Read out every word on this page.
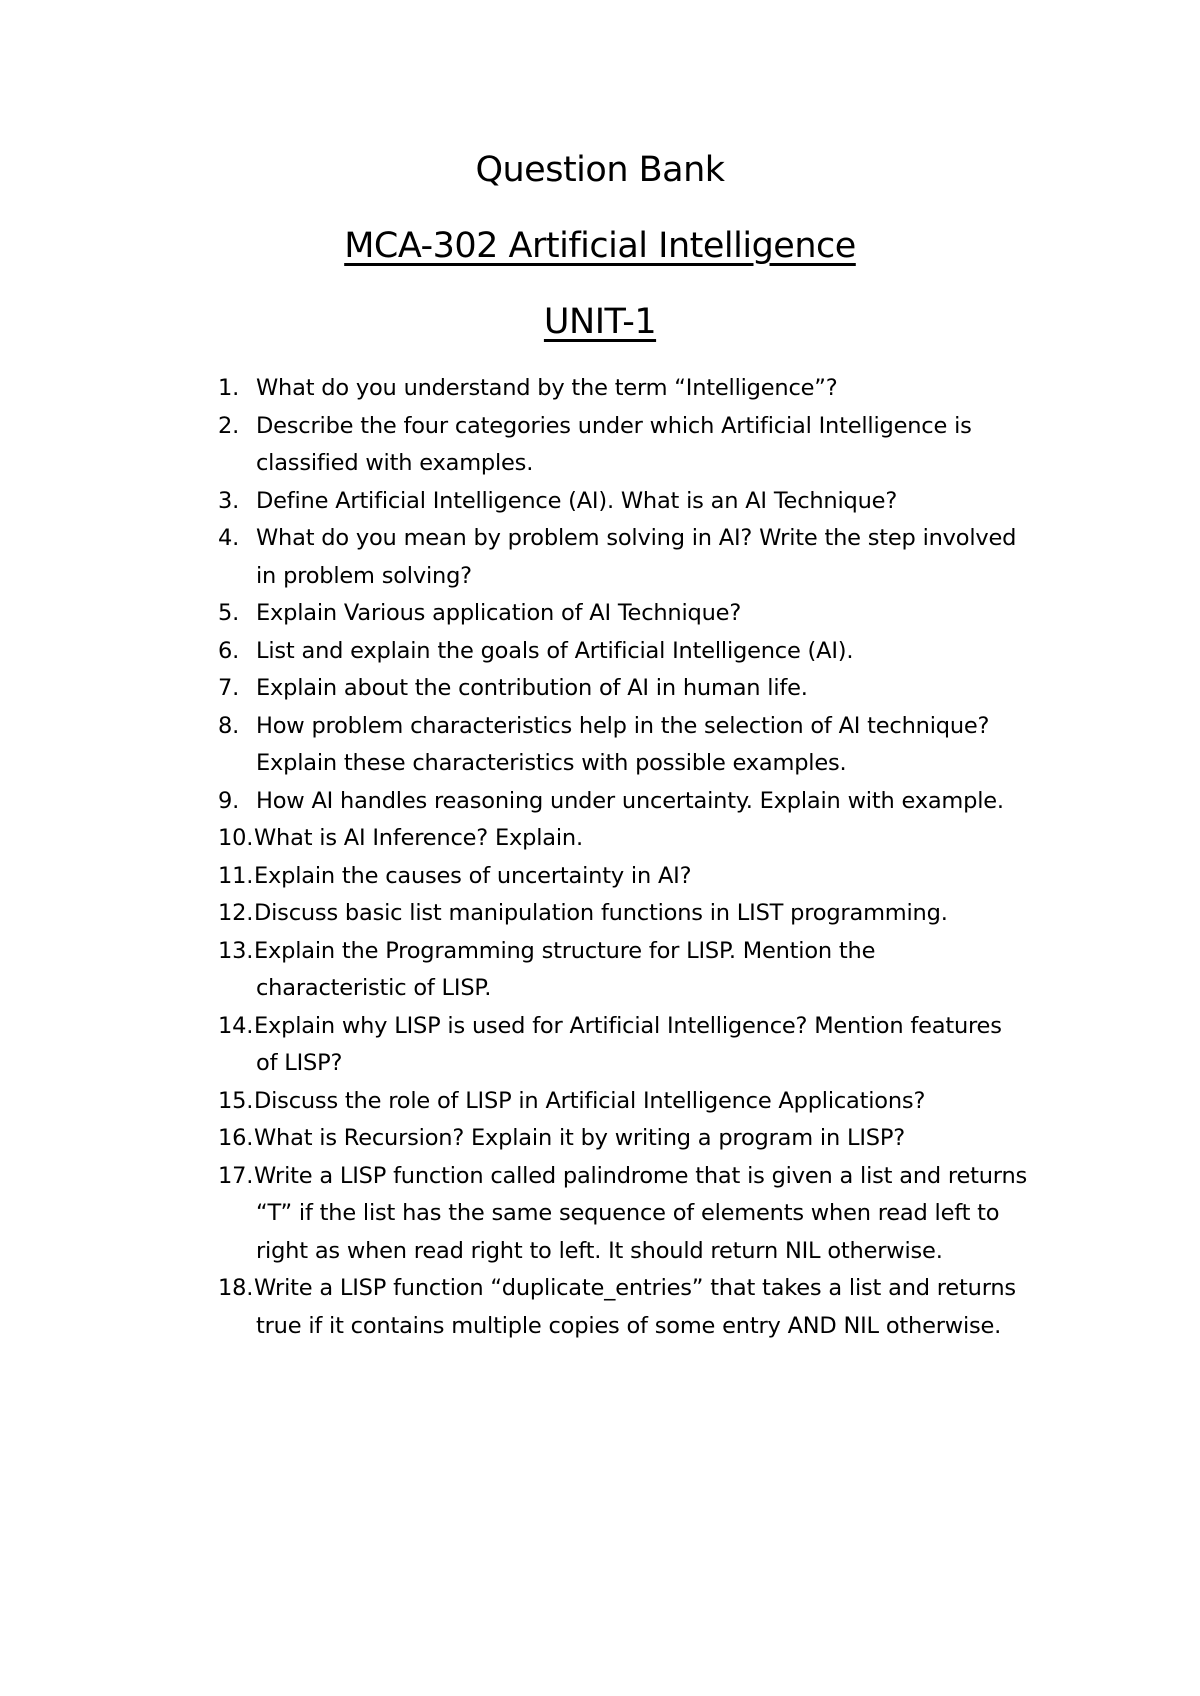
Question Bank
MCA-302 Artificial Intelligence
UNIT-1
1. What do you understand by the term “Intelligence”?
2. Describe the four categories under which Artificial Intelligence is
classified with examples.
3. Define Artificial Intelligence (AI). What is an AI Technique?
4. What do you mean by problem solving in AI? Write the step involved
in problem solving?
5. Explain Various application of AI Technique?
6. List and explain the goals of Artificial Intelligence (AI).
7. Explain about the contribution of AI in human life.
8. How problem characteristics help in the selection of AI technique?
Explain these characteristics with possible examples.
9. How AI handles reasoning under uncertainty. Explain with example.
10. What is AI Inference? Explain.
11. Explain the causes of uncertainty in AI?
12. Discuss basic list manipulation functions in LIST programming.
13. Explain the Programming structure for LISP. Mention the
characteristic of LISP.
14. Explain why LISP is used for Artificial Intelligence? Mention features
of LISP?
15. Discuss the role of LISP in Artificial Intelligence Applications?
16. What is Recursion? Explain it by writing a program in LISP?
17. Write a LISP function called palindrome that is given a list and returns
“T” if the list has the same sequence of elements when read left to
right as when read right to left. It should return NIL otherwise.
18. Write a LISP function “duplicate_entries” that takes a list and returns
true if it contains multiple copies of some entry AND NIL otherwise.
